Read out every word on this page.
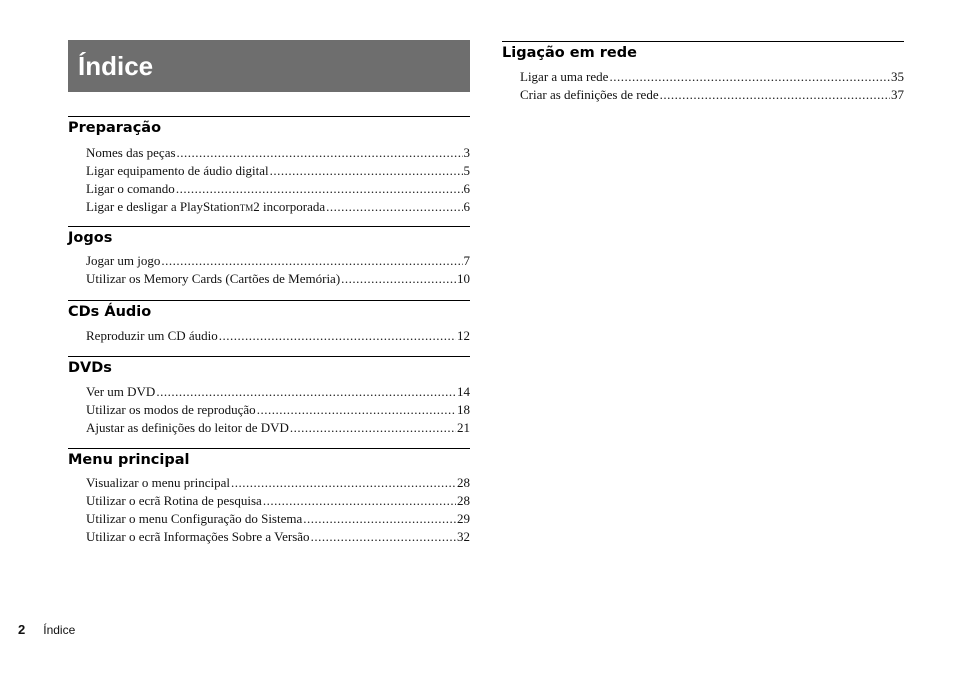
Índice
Preparação
Nomes das peças .....	3
Ligar equipamento de áudio digital .....	5
Ligar o comando .....	6
Ligar e desligar a PlayStationTM2 incorporada .....	6
Jogos
Jogar um jogo .....	7
Utilizar os Memory Cards (Cartões de Memória) .....	10
CDs Áudio
Reproduzir um CD áudio .....	12
DVDs
Ver um DVD .....	14
Utilizar os modos de reprodução .....	18
Ajustar as definições do leitor de DVD .....	21
Menu principal
Visualizar o menu principal .....	28
Utilizar o ecrã Rotina de pesquisa .....	28
Utilizar o menu Configuração do Sistema .....	29
Utilizar o ecrã Informações Sobre a Versão .....	32
Ligação em rede
Ligar a uma rede .....	35
Criar as definições de rede .....	37
2 Índice
